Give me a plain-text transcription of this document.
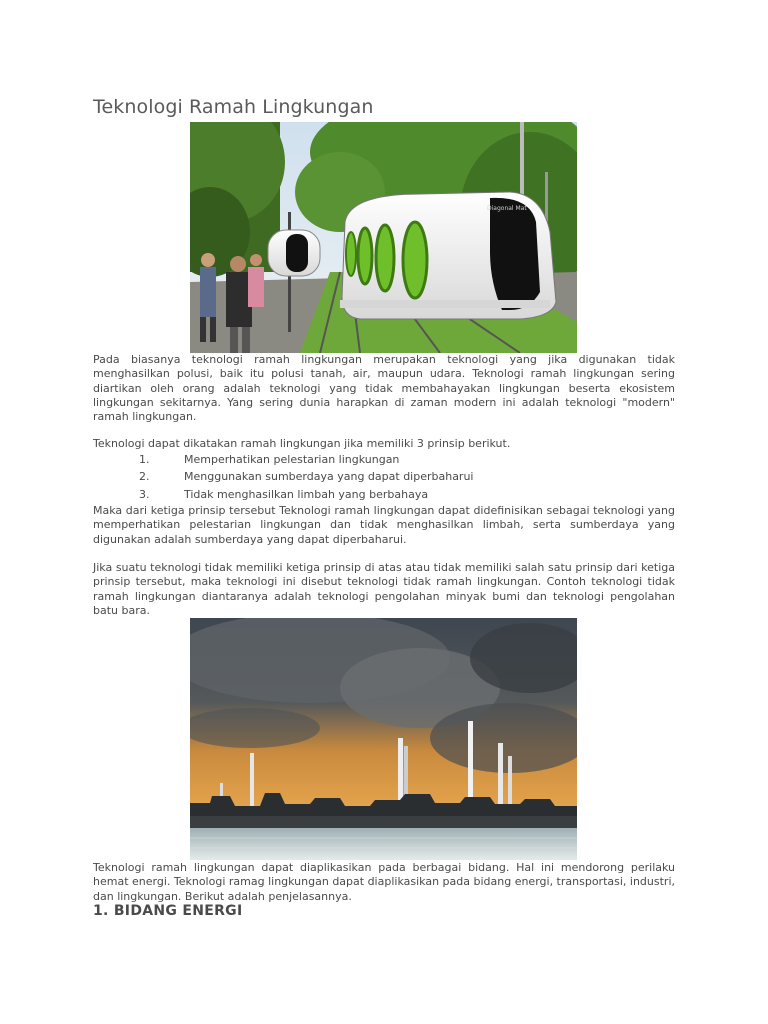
Teknologi Ramah Lingkungan
Diagonal Mat

Pada biasanya teknologi ramah lingkungan merupakan teknologi yang jika digunakan tidak menghasilkan polusi, baik itu polusi tanah, air, maupun udara. Teknologi ramah lingkungan sering diartikan oleh orang adalah teknologi yang tidak membahayakan lingkungan beserta ekosistem lingkungan sekitarnya. Yang sering dunia harapkan di zaman modern ini adalah teknologi "modern" ramah lingkungan.

Teknologi dapat dikatakan ramah lingkungan jika memiliki 3 prinsip berikut.

1.	Memperhatikan pelestarian lingkungan
2.	Menggunakan sumberdaya yang dapat diperbaharui
3.	Tidak menghasilkan limbah yang berbahaya

Maka dari ketiga prinsip tersebut Teknologi ramah lingkungan dapat didefinisikan sebagai teknologi yang memperhatikan pelestarian lingkungan dan tidak menghasilkan limbah, serta sumberdaya yang digunakan adalah sumberdaya yang dapat diperbaharui.

Jika suatu teknologi tidak memiliki ketiga prinsip di atas atau tidak memiliki salah satu prinsip dari ketiga prinsip tersebut, maka teknologi ini disebut teknologi tidak ramah lingkungan. Contoh teknologi tidak ramah lingkungan diantaranya adalah teknologi pengolahan minyak bumi dan teknologi pengolahan batu bara.

Teknologi ramah lingkungan dapat diaplikasikan pada berbagai bidang. Hal ini mendorong perilaku hemat energi. Teknologi ramag lingkungan dapat diaplikasikan pada bidang energi, transportasi, industri, dan lingkungan. Berikut adalah penjelasannya.

1. BIDANG ENERGI
